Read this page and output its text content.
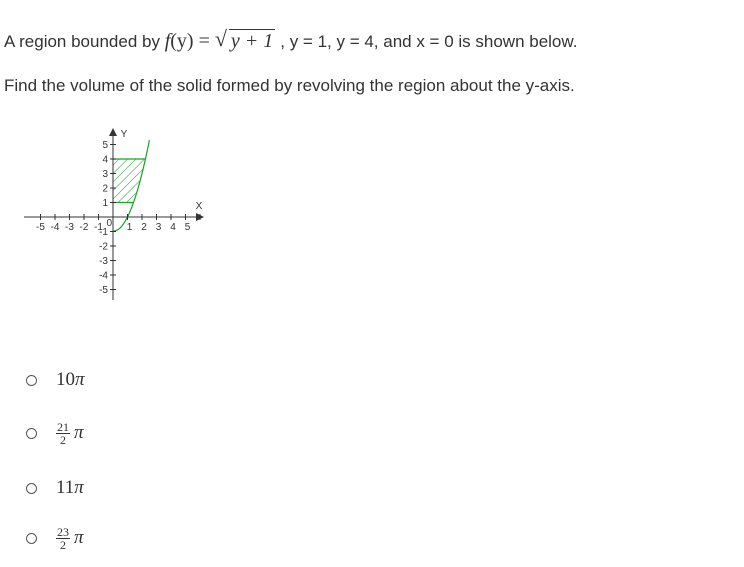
A region bounded by f(y) = √ y + 1 , y = 1, y = 4, and x = 0 is shown below.
Find the volume of the solid formed by revolving the region about the y-axis.
-5 -4 -3 -2 -1 1 2 3 4 5
1
2
3
4
5
-1
-2
-3
-4
-5
0
X
Y
10π
$\frac{21}{2}$ π
11π
$\frac{23}{2}$ π
